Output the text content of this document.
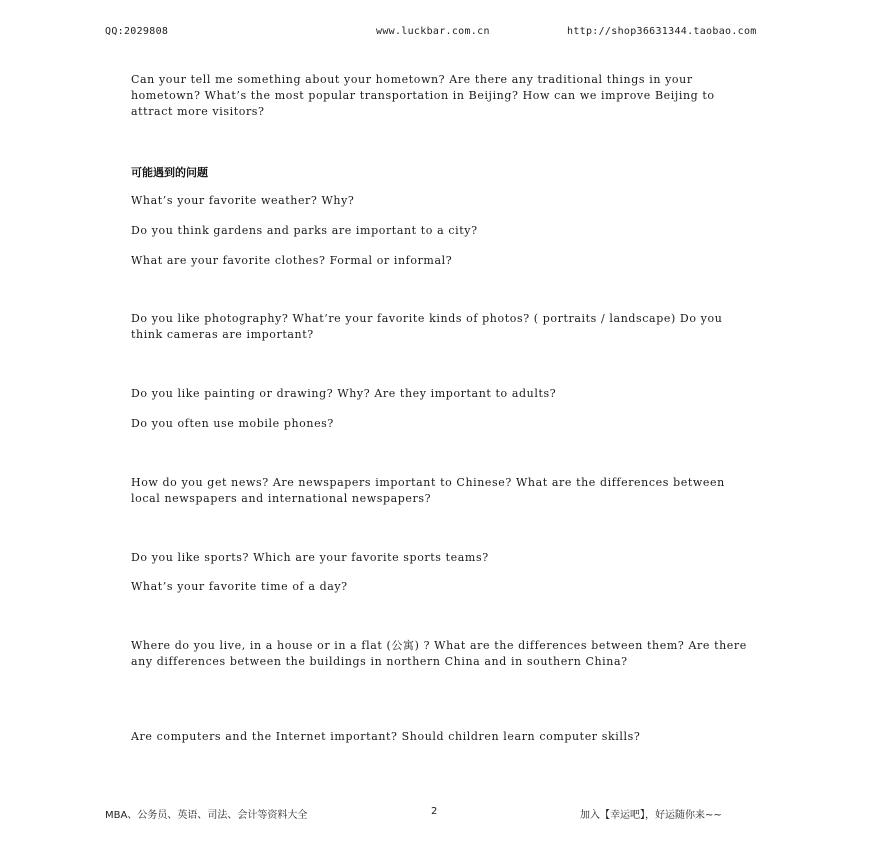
QQ:2029808	www.luckbar.com.cn	http://shop36631344.taobao.com

Can your tell me something about your hometown? Are there any traditional things in your hometown? What’s the most popular transportation in Beijing? How can we improve Beijing to attract more visitors?

可能遇到的问题

What’s your favorite weather? Why?

Do you think gardens and parks are important to a city?

What are your favorite clothes? Formal or informal?

Do you like photography? What’re your favorite kinds of photos? ( portraits / landscape) Do you think cameras are important?

Do you like painting or drawing? Why? Are they important to adults?

Do you often use mobile phones?

How do you get news? Are newspapers important to Chinese? What are the differences between local newspapers and international newspapers?

Do you like sports? Which are your favorite sports teams?

What’s your favorite time of a day?

Where do you live, in a house or in a flat (公寓) ? What are the differences between them? Are there any differences between the buildings in northern China and in southern China?

Are computers and the Internet important? Should children learn computer skills?

MBA、公务员、英语、司法、会计等资料大全	2	加入【幸运吧】，好运随你来~~
